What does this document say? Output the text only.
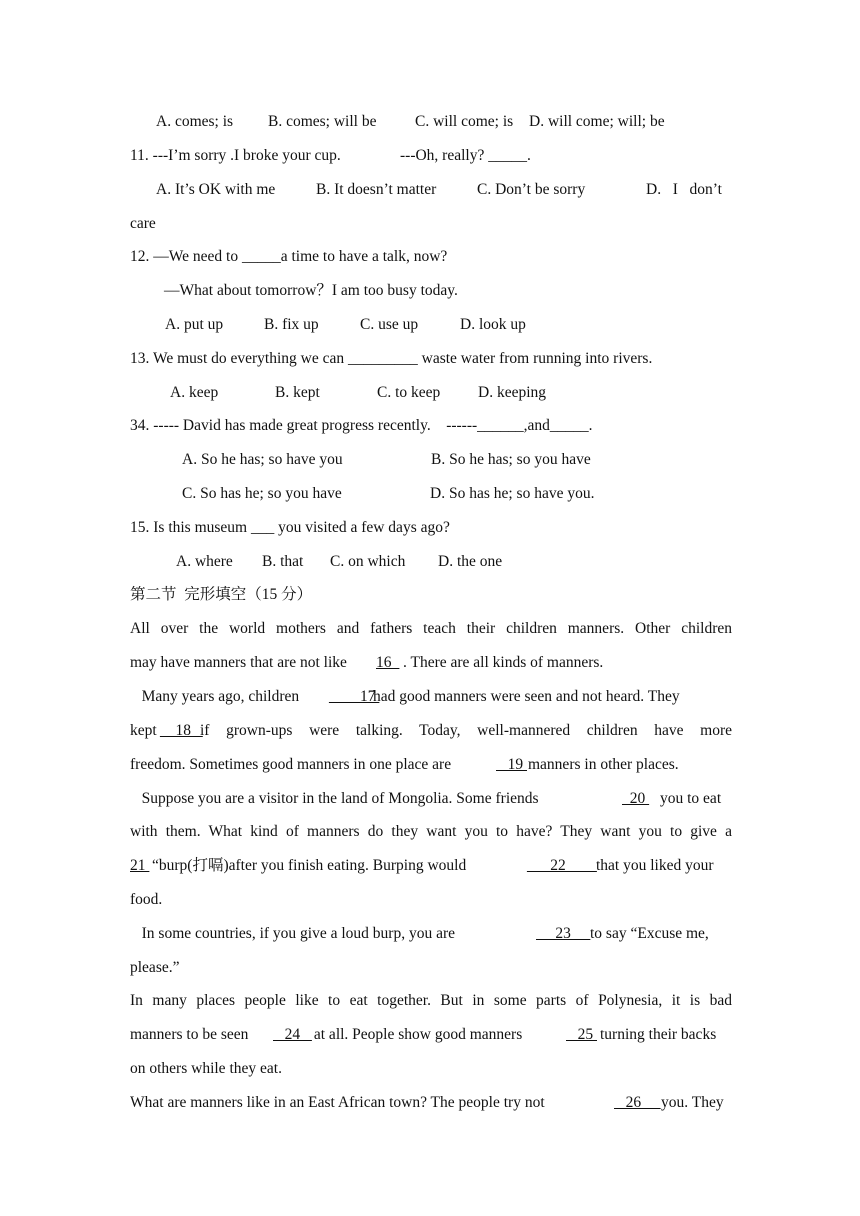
A. comes; is B. comes; will be C. will come; is D. will come; will; be
11. ---I’m sorry .I broke your cup.	---Oh, really? _____.
A. It’s OK with me	B. It doesn’t matter	C. Don’t be sorry	D.   I   don’t
care
12. —We need to _____a time to have a talk, now?
—What about tomorrow？I am too busy today.
A. put up	B. fix up	C. use up	D. look up
13. We must do everything we can _________ waste water from running into rivers.
A. keep	B. kept	C. to keep D. keeping
34. ----- David has made great progress recently.    ------______,and_____.
A. So he has; so have you	B. So he has; so you have
C. So has he; so you have	D. So has he; so have you.
15. Is this museum ___ you visited a few days ago?
A. where B. that C. on which D. the one
第二节  完形填空（15 分）
All over the world mothers and fathers teach their children manners. Other children
may have manners that are not like 16_ . There are all kinds of manners.
Many years ago, children ____17
had good manners were seen and not heard. They
kept __18 _
if grown-ups were talking. Today, well-mannered children have more
freedom. Sometimes good manners in one place are	_19 manners in other places.
Suppose you are a visitor in the land of Mongolia. Some friends	20 you to eat
with them. What kind of manners do they want you to have? They want you to give a
21 “burp(打嗝)after you finish eating. Burping would	___22____ that you liked your
food.
In some countries, if you give a loud burp, you are	__23 __ to say “Excuse me,
please.”
In many places people like to eat together. But in some parts of Polynesia, it is bad
manners to be seen _24 _
at all. People show good manners	_25 turning their backs
on others while they eat.
What are manners like in an East African town? The people try not	_26 __ you. They
